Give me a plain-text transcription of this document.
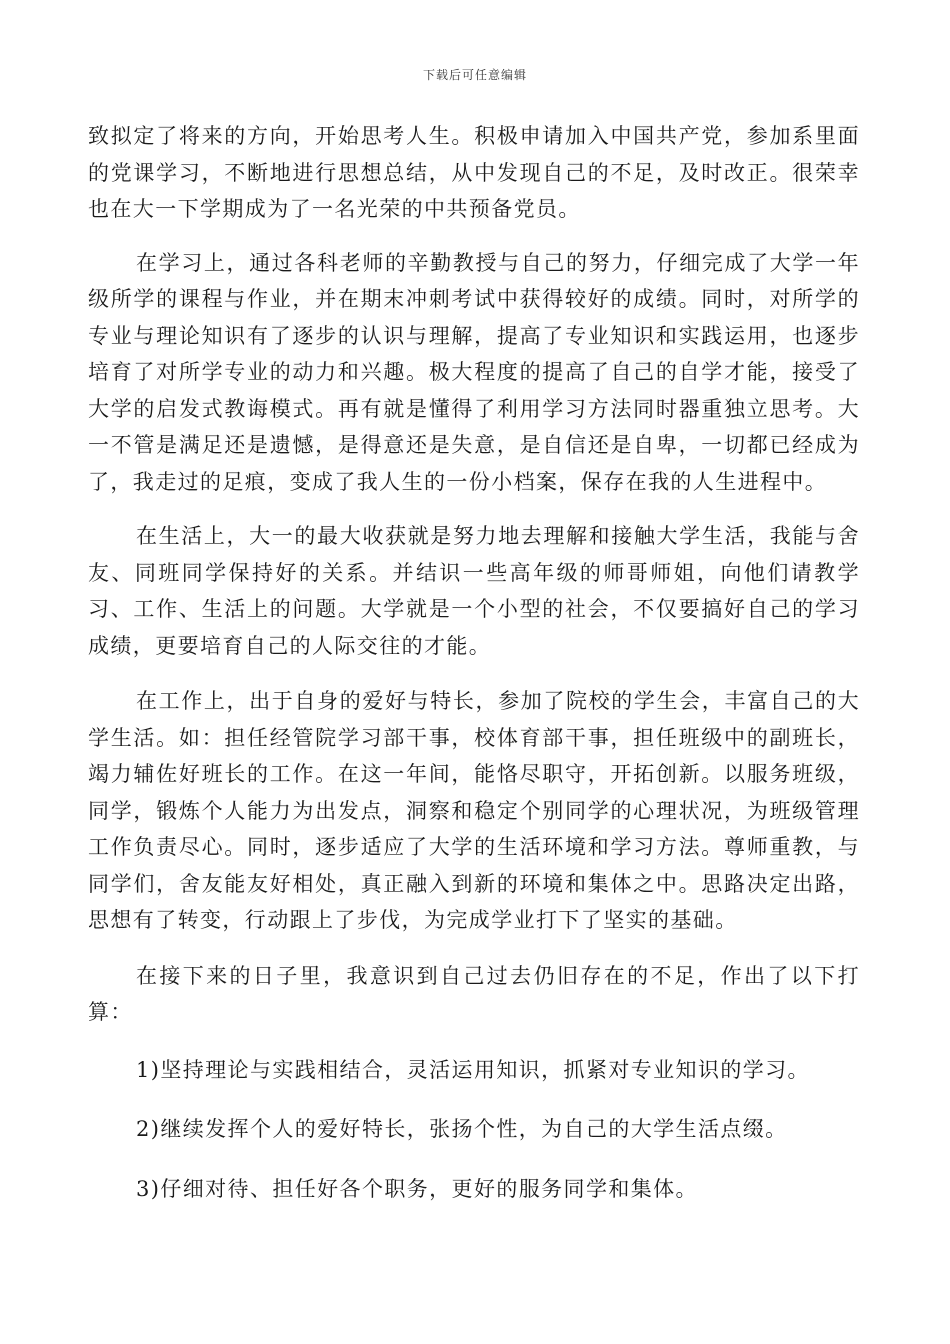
下载后可任意编辑

致拟定了将来的方向，开始思考人生。积极申请加入中国共产党，参加系里面的党课学习，不断地进行思想总结，从中发现自己的不足，及时改正。很荣幸也在大一下学期成为了一名光荣的中共预备党员。

在学习上，通过各科老师的辛勤教授与自己的努力，仔细完成了大学一年级所学的课程与作业，并在期末冲刺考试中获得较好的成绩。同时，对所学的专业与理论知识有了逐步的认识与理解，提高了专业知识和实践运用，也逐步培育了对所学专业的动力和兴趣。极大程度的提高了自己的自学才能，接受了大学的启发式教诲模式。再有就是懂得了利用学习方法同时器重独立思考。大一不管是满足还是遗憾，是得意还是失意，是自信还是自卑，一切都已经成为了，我走过的足痕，变成了我人生的一份小档案，保存在我的人生进程中。

在生活上，大一的最大收获就是努力地去理解和接触大学生活，我能与舍友、同班同学保持好的关系。并结识一些高年级的师哥师姐，向他们请教学习、工作、生活上的问题。大学就是一个小型的社会，不仅要搞好自己的学习成绩，更要培育自己的人际交往的才能。

在工作上，出于自身的爱好与特长，参加了院校的学生会，丰富自己的大学生活。如：担任经管院学习部干事，校体育部干事，担任班级中的副班长，竭力辅佐好班长的工作。在这一年间，能恪尽职守，开拓创新。以服务班级，同学，锻炼个人能力为出发点，洞察和稳定个别同学的心理状况，为班级管理工作负责尽心。同时，逐步适应了大学的生活环境和学习方法。尊师重教，与同学们，舍友能友好相处，真正融入到新的环境和集体之中。思路决定出路，思想有了转变，行动跟上了步伐，为完成学业打下了坚实的基础。

在接下来的日子里，我意识到自己过去仍旧存在的不足，作出了以下打算：

1)坚持理论与实践相结合，灵活运用知识，抓紧对专业知识的学习。

2)继续发挥个人的爱好特长，张扬个性，为自己的大学生活点缀。

3)仔细对待、担任好各个职务，更好的服务同学和集体。
